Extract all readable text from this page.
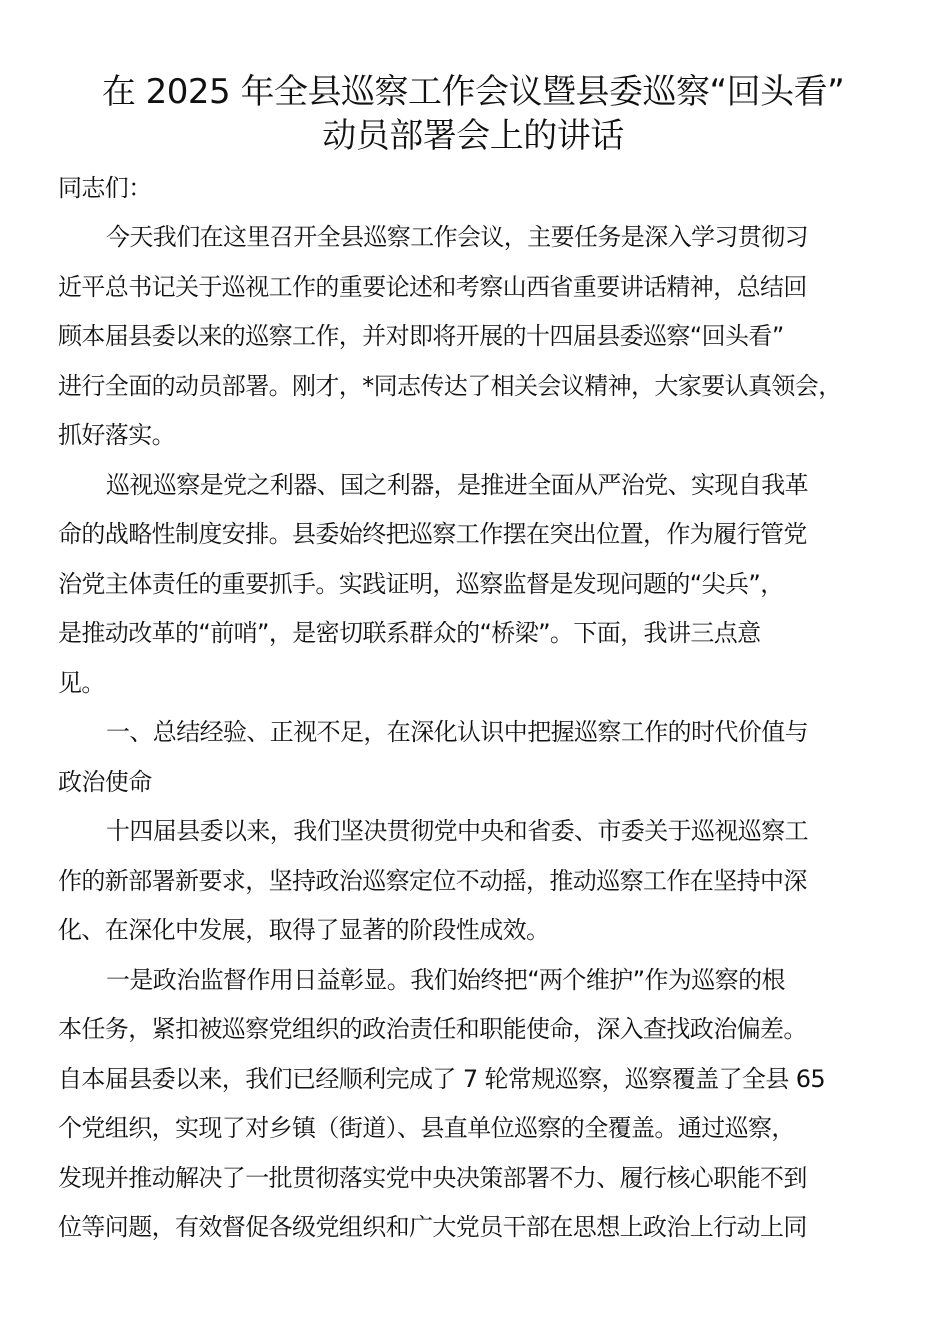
在 2025 年全县巡察工作会议暨县委巡察“回头看”
动员部署会上的讲话
同志们：
今天我们在这里召开全县巡察工作会议，主要任务是深入学习贯彻习
近平总书记关于巡视工作的重要论述和考察山西省重要讲话精神，总结回
顾本届县委以来的巡察工作，并对即将开展的十四届县委巡察“回头看”
进行全面的动员部署。刚才，*同志传达了相关会议精神，大家要认真领会，
抓好落实。
巡视巡察是党之利器、国之利器，是推进全面从严治党、实现自我革
命的战略性制度安排。县委始终把巡察工作摆在突出位置，作为履行管党
治党主体责任的重要抓手。实践证明，巡察监督是发现问题的“尖兵”，
是推动改革的“前哨”，是密切联系群众的“桥梁”。下面，我讲三点意
见。
一、总结经验、正视不足，在深化认识中把握巡察工作的时代价值与
政治使命
十四届县委以来，我们坚决贯彻党中央和省委、市委关于巡视巡察工
作的新部署新要求，坚持政治巡察定位不动摇，推动巡察工作在坚持中深
化、在深化中发展，取得了显著的阶段性成效。
一是政治监督作用日益彰显。我们始终把“两个维护”作为巡察的根
本任务，紧扣被巡察党组织的政治责任和职能使命，深入查找政治偏差。
自本届县委以来，我们已经顺利完成了 7 轮常规巡察，巡察覆盖了全县 65
个党组织，实现了对乡镇（街道）、县直单位巡察的全覆盖。通过巡察，
发现并推动解决了一批贯彻落实党中央决策部署不力、履行核心职能不到
位等问题，有效督促各级党组织和广大党员干部在思想上政治上行动上同
